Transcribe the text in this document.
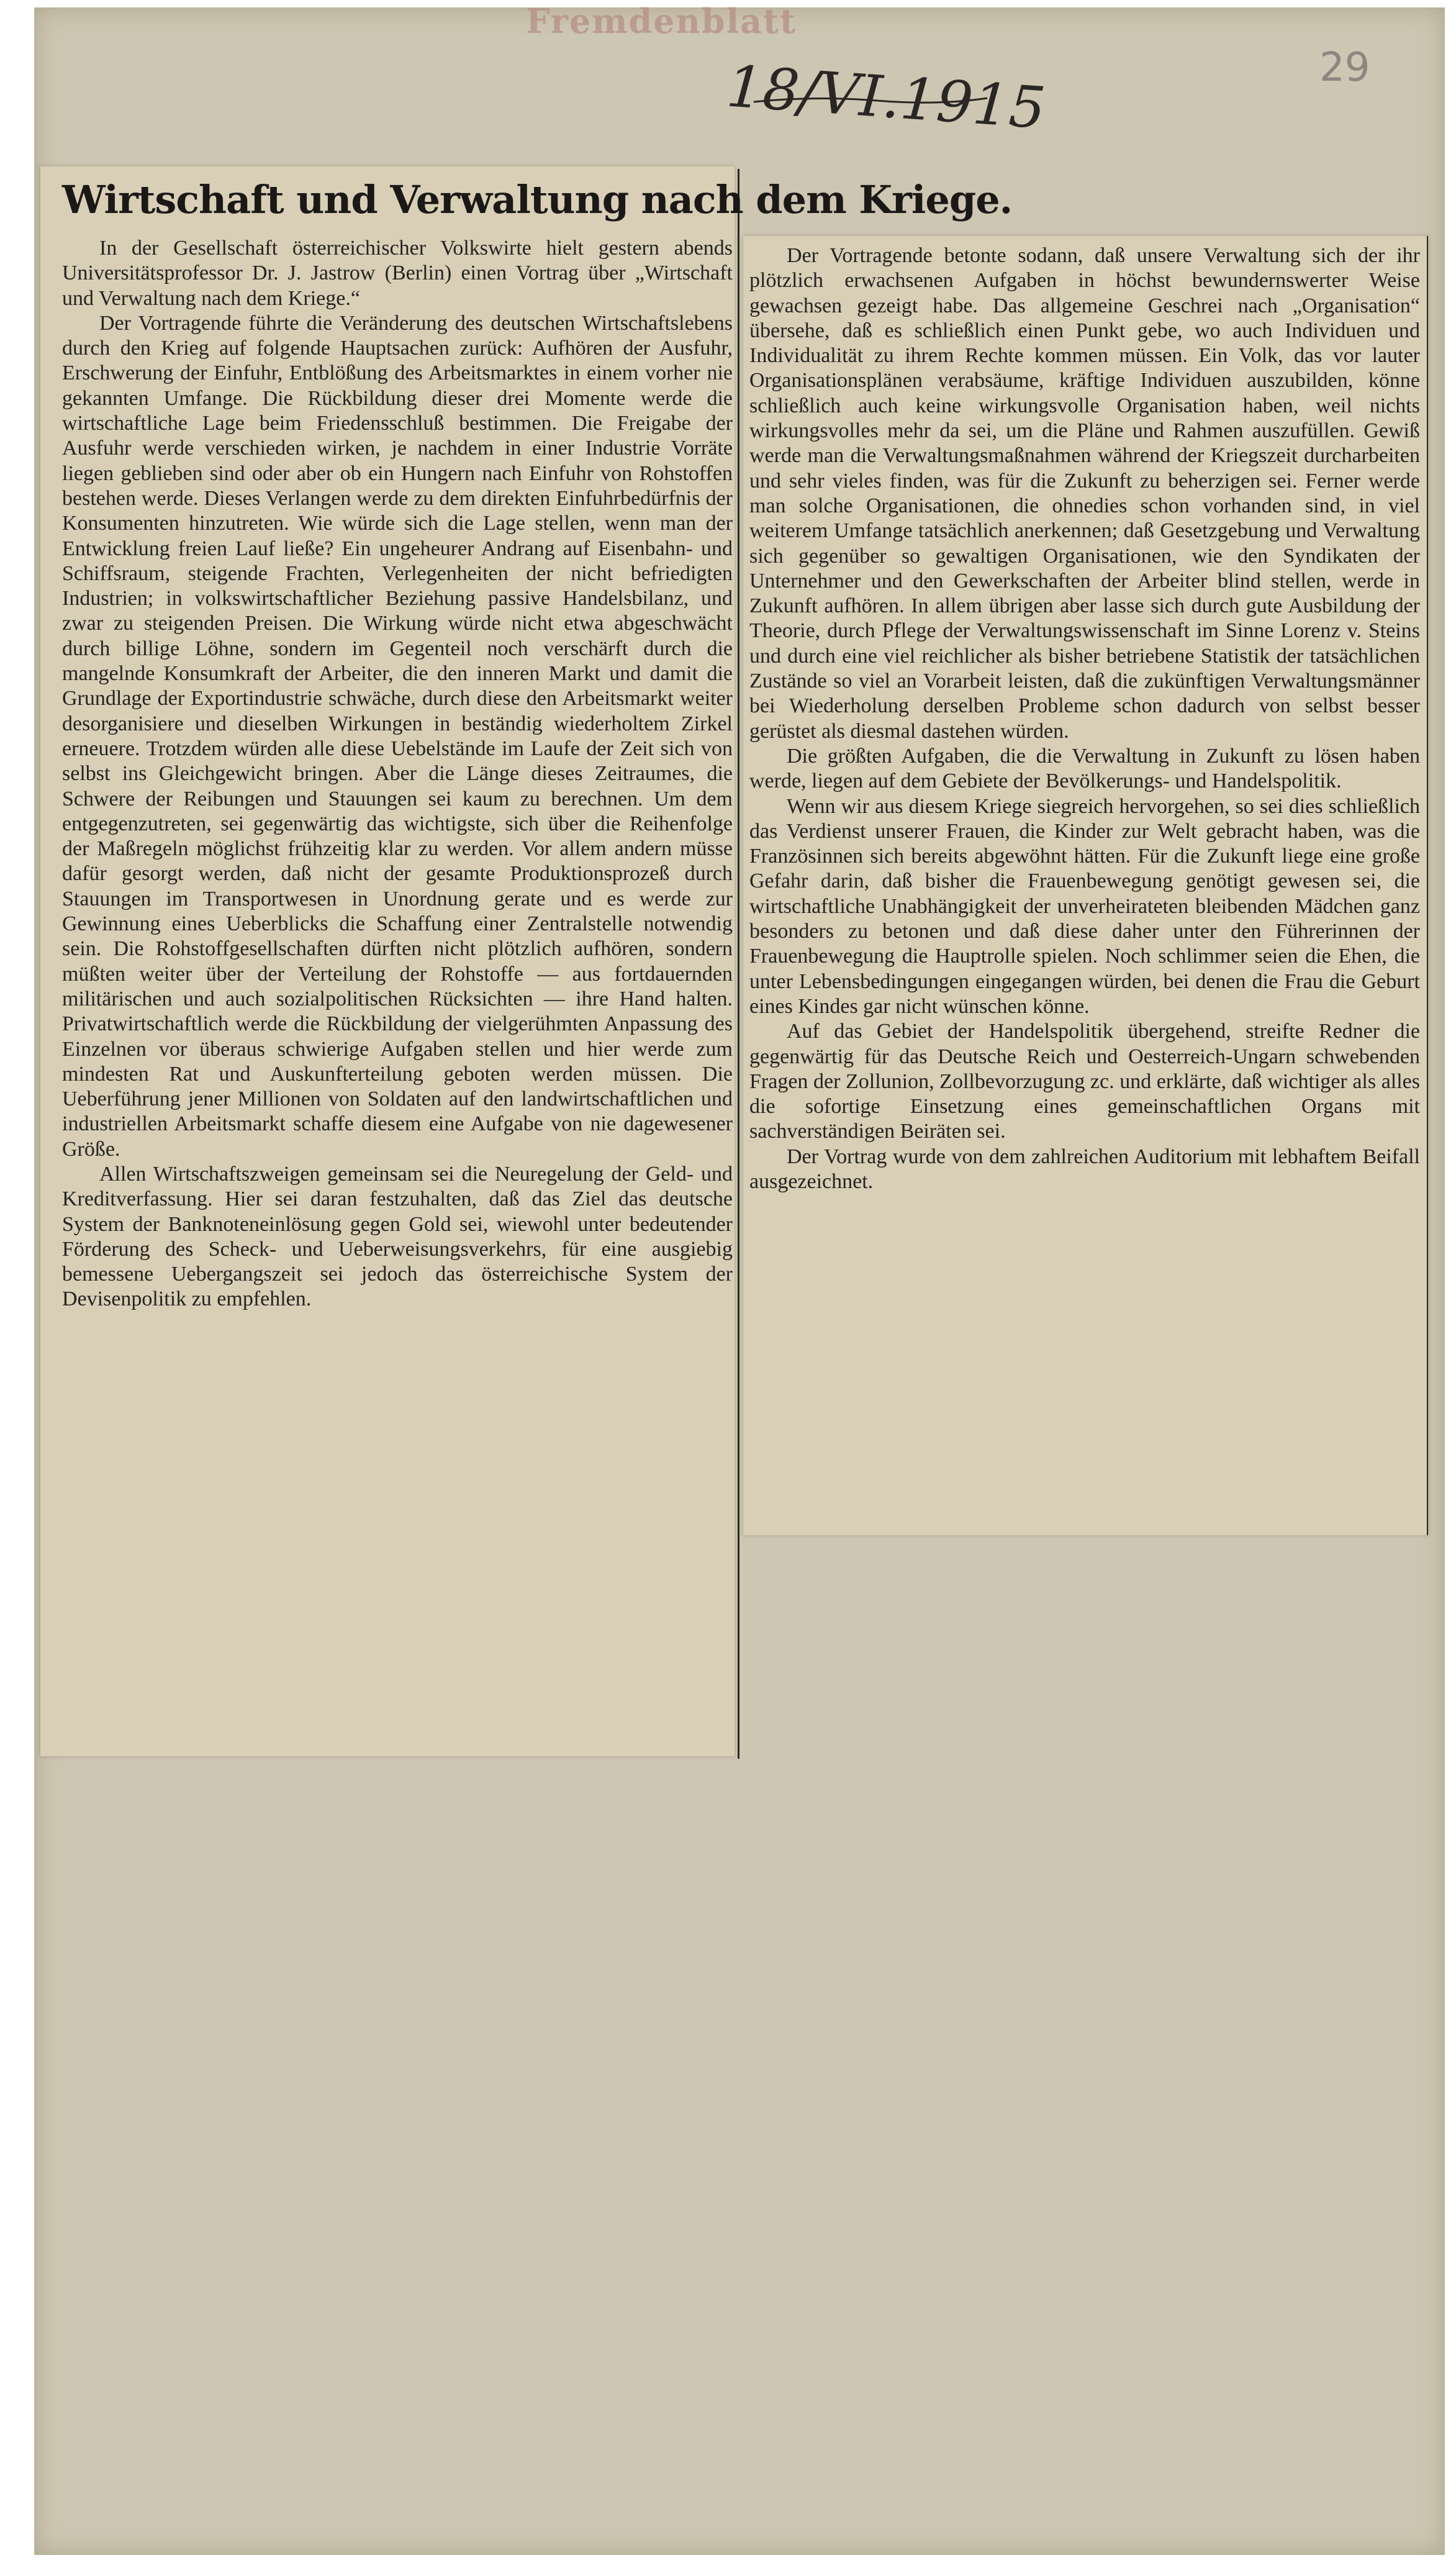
Fremdenblatt
18/VI.1915	29
Wirtschaft und Verwaltung nach dem Kriege.

In der Gesellschaft österreichischer Volkswirte hielt gestern abends Universitätsprofessor Dr. J. Jastrow (Berlin) einen Vortrag über „Wirtschaft und Verwaltung nach dem Kriege.“

Der Vortragende führte die Veränderung des deutschen Wirtschaftslebens durch den Krieg auf folgende Hauptsachen zurück: Aufhören der Ausfuhr, Erschwerung der Einfuhr, Entblößung des Arbeitsmarktes in einem vorher nie gekannten Umfange. Die Rückbildung dieser drei Momente werde die wirtschaftliche Lage beim Friedensschluß bestimmen. Die Freigabe der Ausfuhr werde verschieden wirken, je nachdem in einer Industrie Vorräte liegen geblieben sind oder aber ob ein Hungern nach Einfuhr von Rohstoffen bestehen werde. Dieses Verlangen werde zu dem direkten Einfuhrbedürfnis der Konsumenten hinzutreten. Wie würde sich die Lage stellen, wenn man der Entwicklung freien Lauf ließe? Ein ungeheurer Andrang auf Eisenbahn- und Schiffsraum, steigende Frachten, Verlegenheiten der nicht befriedigten Industrien; in volkswirtschaftlicher Beziehung passive Handelsbilanz, und zwar zu steigenden Preisen. Die Wirkung würde nicht etwa abgeschwächt durch billige Löhne, sondern im Gegenteil noch verschärft durch die mangelnde Konsumkraft der Arbeiter, die den inneren Markt und damit die Grundlage der Exportindustrie schwäche, durch diese den Arbeitsmarkt weiter desorganisiere und dieselben Wirkungen in beständig wiederholtem Zirkel erneuere. Trotzdem würden alle diese Uebelstände im Laufe der Zeit sich von selbst ins Gleichgewicht bringen. Aber die Länge dieses Zeitraumes, die Schwere der Reibungen und Stauungen sei kaum zu berechnen. Um dem entgegenzutreten, sei gegenwärtig das wichtigste, sich über die Reihenfolge der Maßregeln möglichst frühzeitig klar zu werden. Vor allem andern müsse dafür gesorgt werden, daß nicht der gesamte Produktionsprozeß durch Stauungen im Transportwesen in Unordnung gerate und es werde zur Gewinnung eines Ueberblicks die Schaffung einer Zentralstelle notwendig sein. Die Rohstoffgesellschaften dürften nicht plötzlich aufhören, sondern müßten weiter über der Verteilung der Rohstoffe — aus fortdauernden militärischen und auch sozialpolitischen Rücksichten — ihre Hand halten. Privatwirtschaftlich werde die Rückbildung der vielgerühmten Anpassung des Einzelnen vor überaus schwierige Aufgaben stellen und hier werde zum mindesten Rat und Auskunfterteilung geboten werden müssen. Die Ueberführung jener Millionen von Soldaten auf den landwirtschaftlichen und industriellen Arbeitsmarkt schaffe diesem eine Aufgabe von nie dagewesener Größe.

Allen Wirtschaftszweigen gemeinsam sei die Neuregelung der Geld- und Kreditverfassung. Hier sei daran festzuhalten, daß das Ziel das deutsche System der Banknoteneinlösung gegen Gold sei, wiewohl unter bedeutender Förderung des Scheck- und Ueberweisungsverkehrs, für eine ausgiebig bemessene Uebergangszeit sei jedoch das österreichische System der Devisenpolitik zu empfehlen.

Der Vortragende betonte sodann, daß unsere Verwaltung sich der ihr plötzlich erwachsenen Aufgaben in höchst bewundernswerter Weise gewachsen gezeigt habe. Das allgemeine Geschrei nach „Organisation“ übersehe, daß es schließlich einen Punkt gebe, wo auch Individuen und Individualität zu ihrem Rechte kommen müssen. Ein Volk, das vor lauter Organisationsplänen verabsäume, kräftige Individuen auszubilden, könne schließlich auch keine wirkungsvolle Organisation haben, weil nichts wirkungsvolles mehr da sei, um die Pläne und Rahmen auszufüllen. Gewiß werde man die Verwaltungsmaßnahmen während der Kriegszeit durcharbeiten und sehr vieles finden, was für die Zukunft zu beherzigen sei. Ferner werde man solche Organisationen, die ohnedies schon vorhanden sind, in viel weiterem Umfange tatsächlich anerkennen; daß Gesetzgebung und Verwaltung sich gegenüber so gewaltigen Organisationen, wie den Syndikaten der Unternehmer und den Gewerkschaften der Arbeiter blind stellen, werde in Zukunft aufhören. In allem übrigen aber lasse sich durch gute Ausbildung der Theorie, durch Pflege der Verwaltungswissenschaft im Sinne Lorenz v. Steins und durch eine viel reichlicher als bisher betriebene Statistik der tatsächlichen Zustände so viel an Vorarbeit leisten, daß die zukünftigen Verwaltungsmänner bei Wiederholung derselben Probleme schon dadurch von selbst besser gerüstet als diesmal dastehen würden.

Die größten Aufgaben, die die Verwaltung in Zukunft zu lösen haben werde, liegen auf dem Gebiete der Bevölkerungs- und Handelspolitik.

Wenn wir aus diesem Kriege siegreich hervorgehen, so sei dies schließlich das Verdienst unserer Frauen, die Kinder zur Welt gebracht haben, was die Französinnen sich bereits abgewöhnt hätten. Für die Zukunft liege eine große Gefahr darin, daß bisher die Frauenbewegung genötigt gewesen sei, die wirtschaftliche Unabhängigkeit der unverheirateten bleibenden Mädchen ganz besonders zu betonen und daß diese daher unter den Führerinnen der Frauenbewegung die Hauptrolle spielen. Noch schlimmer seien die Ehen, die unter Lebensbedingungen eingegangen würden, bei denen die Frau die Geburt eines Kindes gar nicht wünschen könne.

Auf das Gebiet der Handelspolitik übergehend, streifte Redner die gegenwärtig für das Deutsche Reich und Oesterreich-Ungarn schwebenden Fragen der Zollunion, Zollbevorzugung zc. und erklärte, daß wichtiger als alles die sofortige Einsetzung eines gemeinschaftlichen Organs mit sachverständigen Beiräten sei.

Der Vortrag wurde von dem zahlreichen Auditorium mit lebhaftem Beifall ausgezeichnet.
